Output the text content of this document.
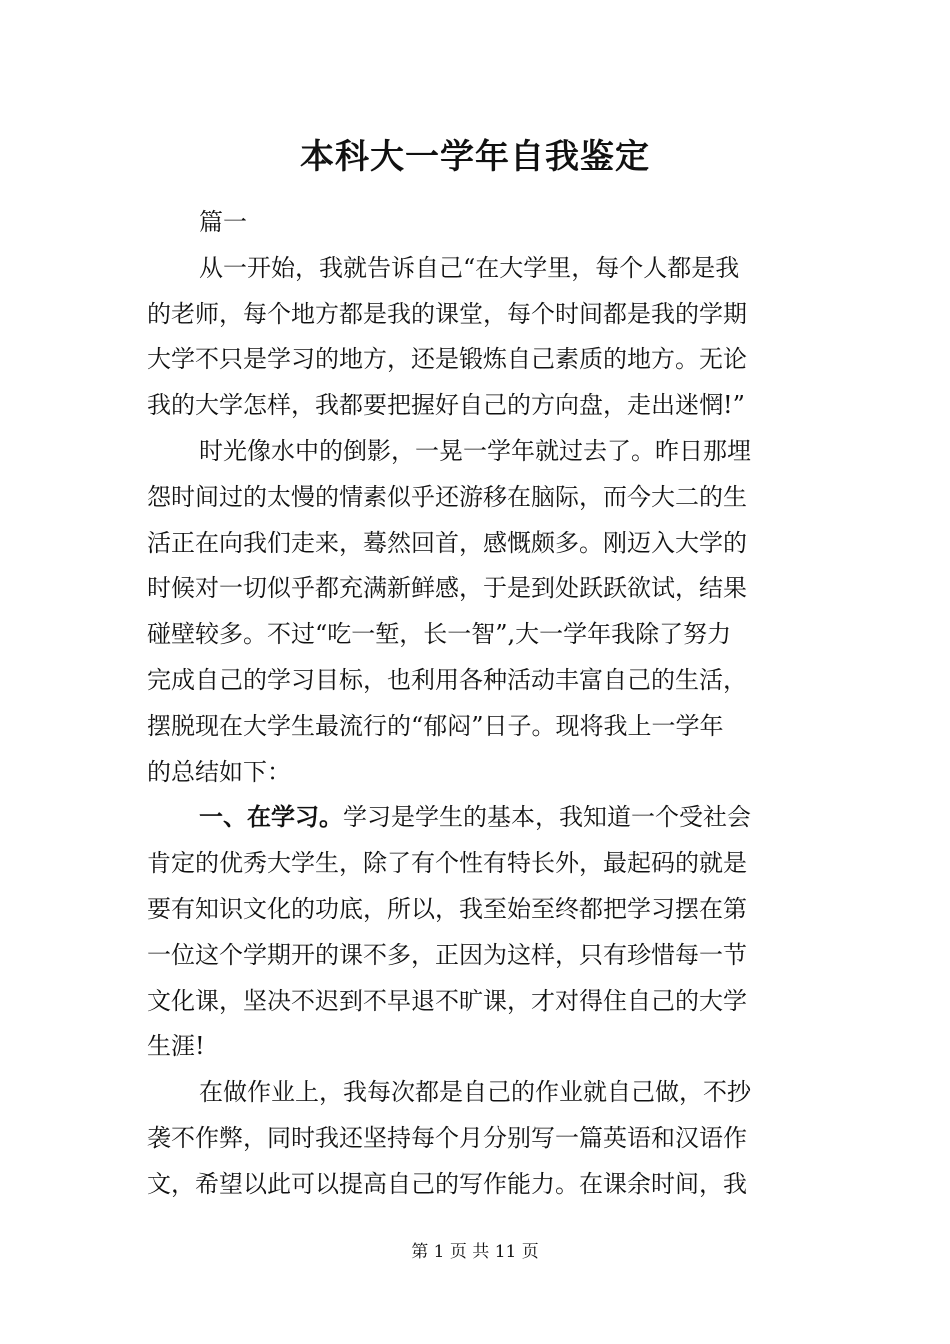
本科大一学年自我鉴定
篇一
从一开始，我就告诉自己“在大学里，每个人都是我
的老师，每个地方都是我的课堂，每个时间都是我的学期
大学不只是学习的地方，还是锻炼自己素质的地方。无论
我的大学怎样，我都要把握好自己的方向盘，走出迷惘!”
时光像水中的倒影，一晃一学年就过去了。昨日那埋
怨时间过的太慢的情素似乎还游移在脑际，而今大二的生
活正在向我们走来，蓦然回首，感慨颇多。刚迈入大学的
时候对一切似乎都充满新鲜感，于是到处跃跃欲试，结果
碰壁较多。不过“吃一堑，长一智”,大一学年我除了努力
完成自己的学习目标，也利用各种活动丰富自己的生活，
摆脱现在大学生最流行的“郁闷”日子。现将我上一学年
的总结如下：
一、在学习。学习是学生的基本，我知道一个受社会
肯定的优秀大学生，除了有个性有特长外，最起码的就是
要有知识文化的功底，所以，我至始至终都把学习摆在第
一位这个学期开的课不多，正因为这样，只有珍惜每一节
文化课，坚决不迟到不早退不旷课，才对得住自己的大学
生涯!
在做作业上，我每次都是自己的作业就自己做，不抄
袭不作弊，同时我还坚持每个月分别写一篇英语和汉语作
文，希望以此可以提高自己的写作能力。在课余时间，我
第 1 页 共 11 页
